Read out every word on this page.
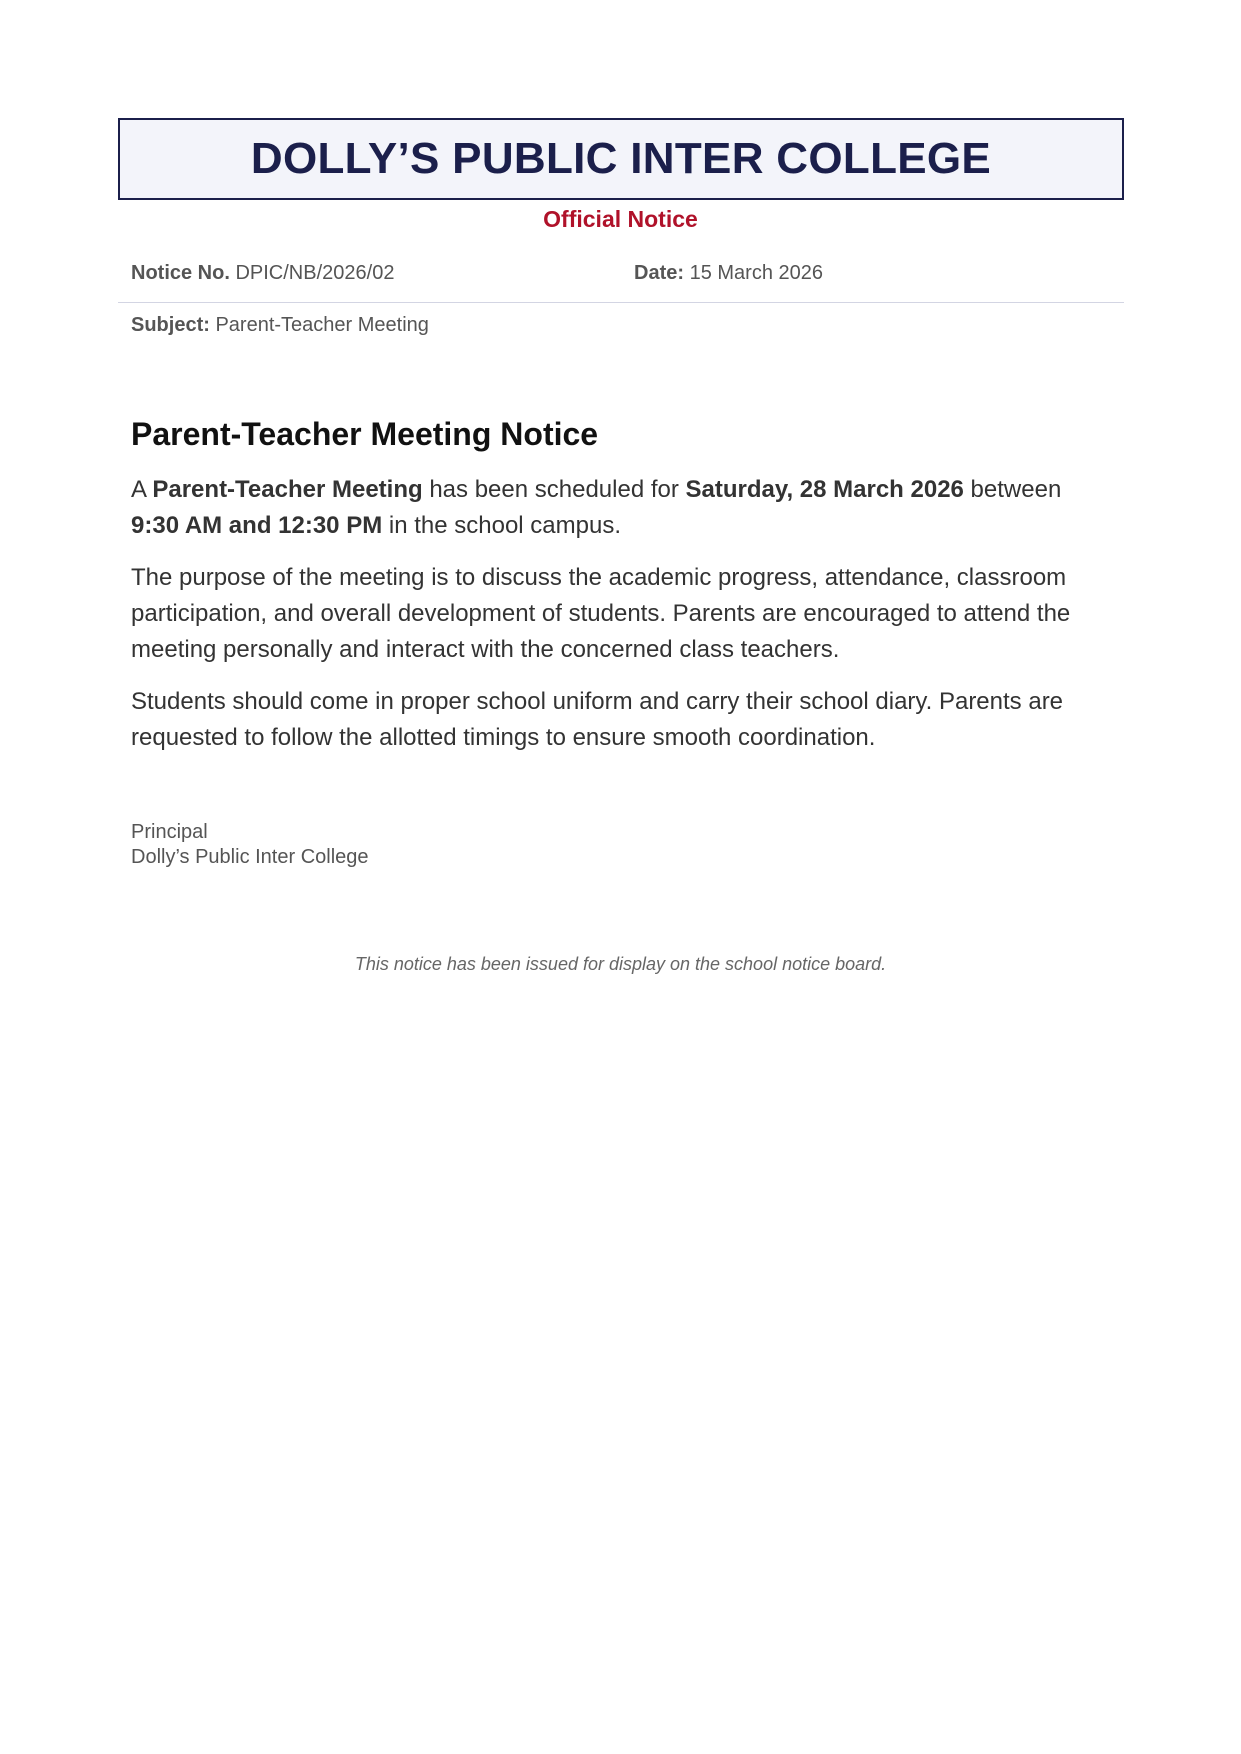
DOLLY’S PUBLIC INTER COLLEGE
Official Notice
Notice No. DPIC/NB/2026/02	Date: 15 March 2026
Subject: Parent-Teacher Meeting
Parent-Teacher Meeting Notice

A Parent-Teacher Meeting has been scheduled for Saturday, 28 March 2026 between
9:30 AM and 12:30 PM in the school campus.

The purpose of the meeting is to discuss the academic progress, attendance, classroom participation, and overall development of students. Parents are encouraged to attend the meeting personally and interact with the concerned class teachers.

Students should come in proper school uniform and carry their school diary. Parents are requested to follow the allotted timings to ensure smooth coordination.

Principal
Dolly’s Public Inter College
This notice has been issued for display on the school notice board.
